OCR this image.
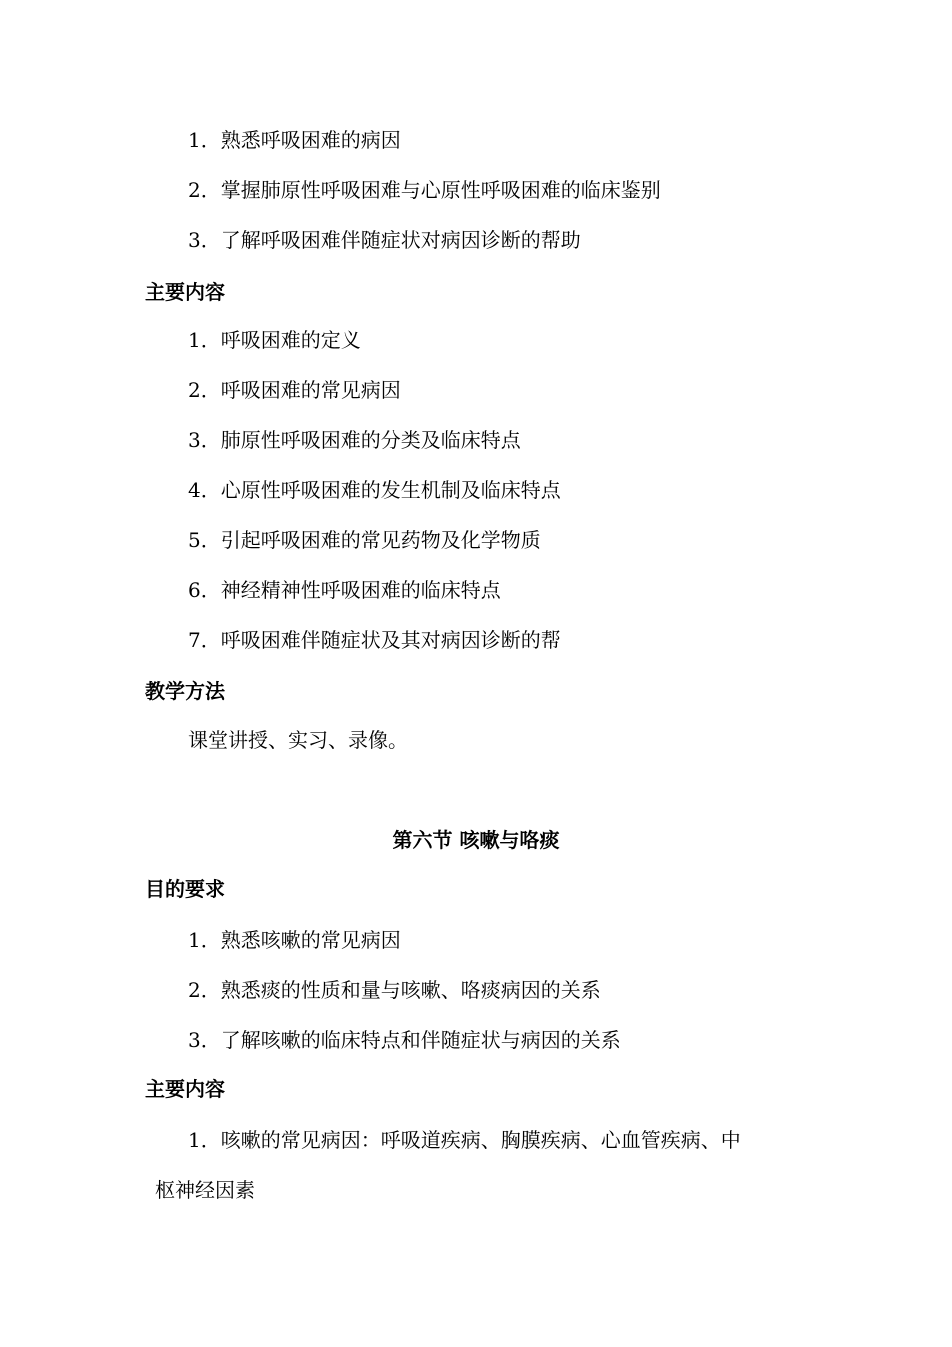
1．熟悉呼吸困难的病因
2．掌握肺原性呼吸困难与心原性呼吸困难的临床鉴别
3．了解呼吸困难伴随症状对病因诊断的帮助
主要内容
1．呼吸困难的定义
2．呼吸困难的常见病因
3．肺原性呼吸困难的分类及临床特点
4．心原性呼吸困难的发生机制及临床特点
5．引起呼吸困难的常见药物及化学物质
6．神经精神性呼吸困难的临床特点
7．呼吸困难伴随症状及其对病因诊断的帮
教学方法
课堂讲授、实习、录像。
第六节 咳嗽与咯痰
目的要求
1．熟悉咳嗽的常见病因
2．熟悉痰的性质和量与咳嗽、咯痰病因的关系
3．了解咳嗽的临床特点和伴随症状与病因的关系
主要内容
1．咳嗽的常见病因：呼吸道疾病、胸膜疾病、心血管疾病、中
枢神经因素
